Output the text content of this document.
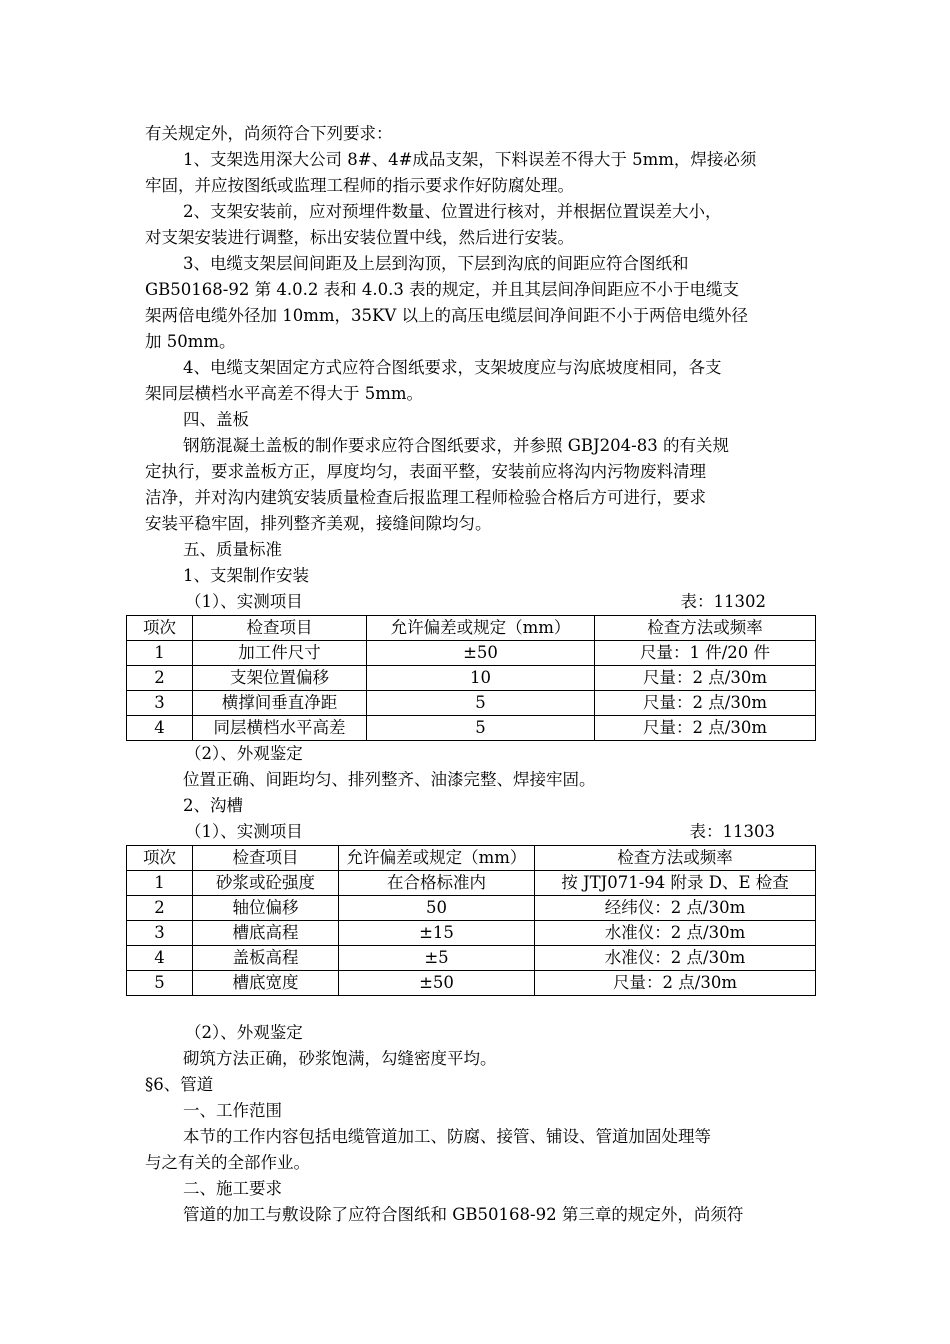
有关规定外，尚须符合下列要求：
1、支架选用深大公司 8#、4#成品支架，下料误差不得大于 5mm，焊接必须
牢固，并应按图纸或监理工程师的指示要求作好防腐处理。
2、支架安装前，应对预埋件数量、位置进行核对，并根据位置误差大小，
对支架安装进行调整，标出安装位置中线，然后进行安装。
3、电缆支架层间间距及上层到沟顶，下层到沟底的间距应符合图纸和
GB50168-92 第 4.0.2 表和 4.0.3 表的规定，并且其层间净间距应不小于电缆支
架两倍电缆外径加 10mm，35KV 以上的高压电缆层间净间距不小于两倍电缆外径
加 50mm。
4、电缆支架固定方式应符合图纸要求，支架坡度应与沟底坡度相同，各支
架同层横档水平高差不得大于 5mm。
四、盖板
钢筋混凝土盖板的制作要求应符合图纸要求，并参照 GBJ204-83 的有关规
定执行，要求盖板方正，厚度均匀，表面平整，安装前应将沟内污物废料清理
洁净，并对沟内建筑安装质量检查后报监理工程师检验合格后方可进行，要求
安装平稳牢固，排列整齐美观，接缝间隙均匀。
五、质量标准
1、支架制作安装
（1）、实测项目	表：11302
项次	检查项目	允许偏差或规定（mm）	检查方法或频率
1	加工件尺寸	±50	尺量：1 件/20 件
2	支架位置偏移	10	尺量：2 点/30m
3	横撑间垂直净距	5	尺量：2 点/30m
4	同层横档水平高差	5	尺量：2 点/30m
（2）、外观鉴定
位置正确、间距均匀、排列整齐、油漆完整、焊接牢固。
2、沟槽
（1）、实测项目	表：11303
项次	检查项目	允许偏差或规定（mm）	检查方法或频率
1	砂浆或砼强度	在合格标准内	按 JTJ071-94 附录 D、E 检查
2	轴位偏移	50	经纬仪：2 点/30m
3	槽底高程	±15	水准仪：2 点/30m
4	盖板高程	±5	水准仪：2 点/30m
5	槽底宽度	±50	尺量：2 点/30m
（2）、外观鉴定
砌筑方法正确，砂浆饱满，勾缝密度平均。
§6、管道
一、工作范围
本节的工作内容包括电缆管道加工、防腐、接管、铺设、管道加固处理等
与之有关的全部作业。
二、施工要求
管道的加工与敷设除了应符合图纸和 GB50168-92 第三章的规定外，尚须符
